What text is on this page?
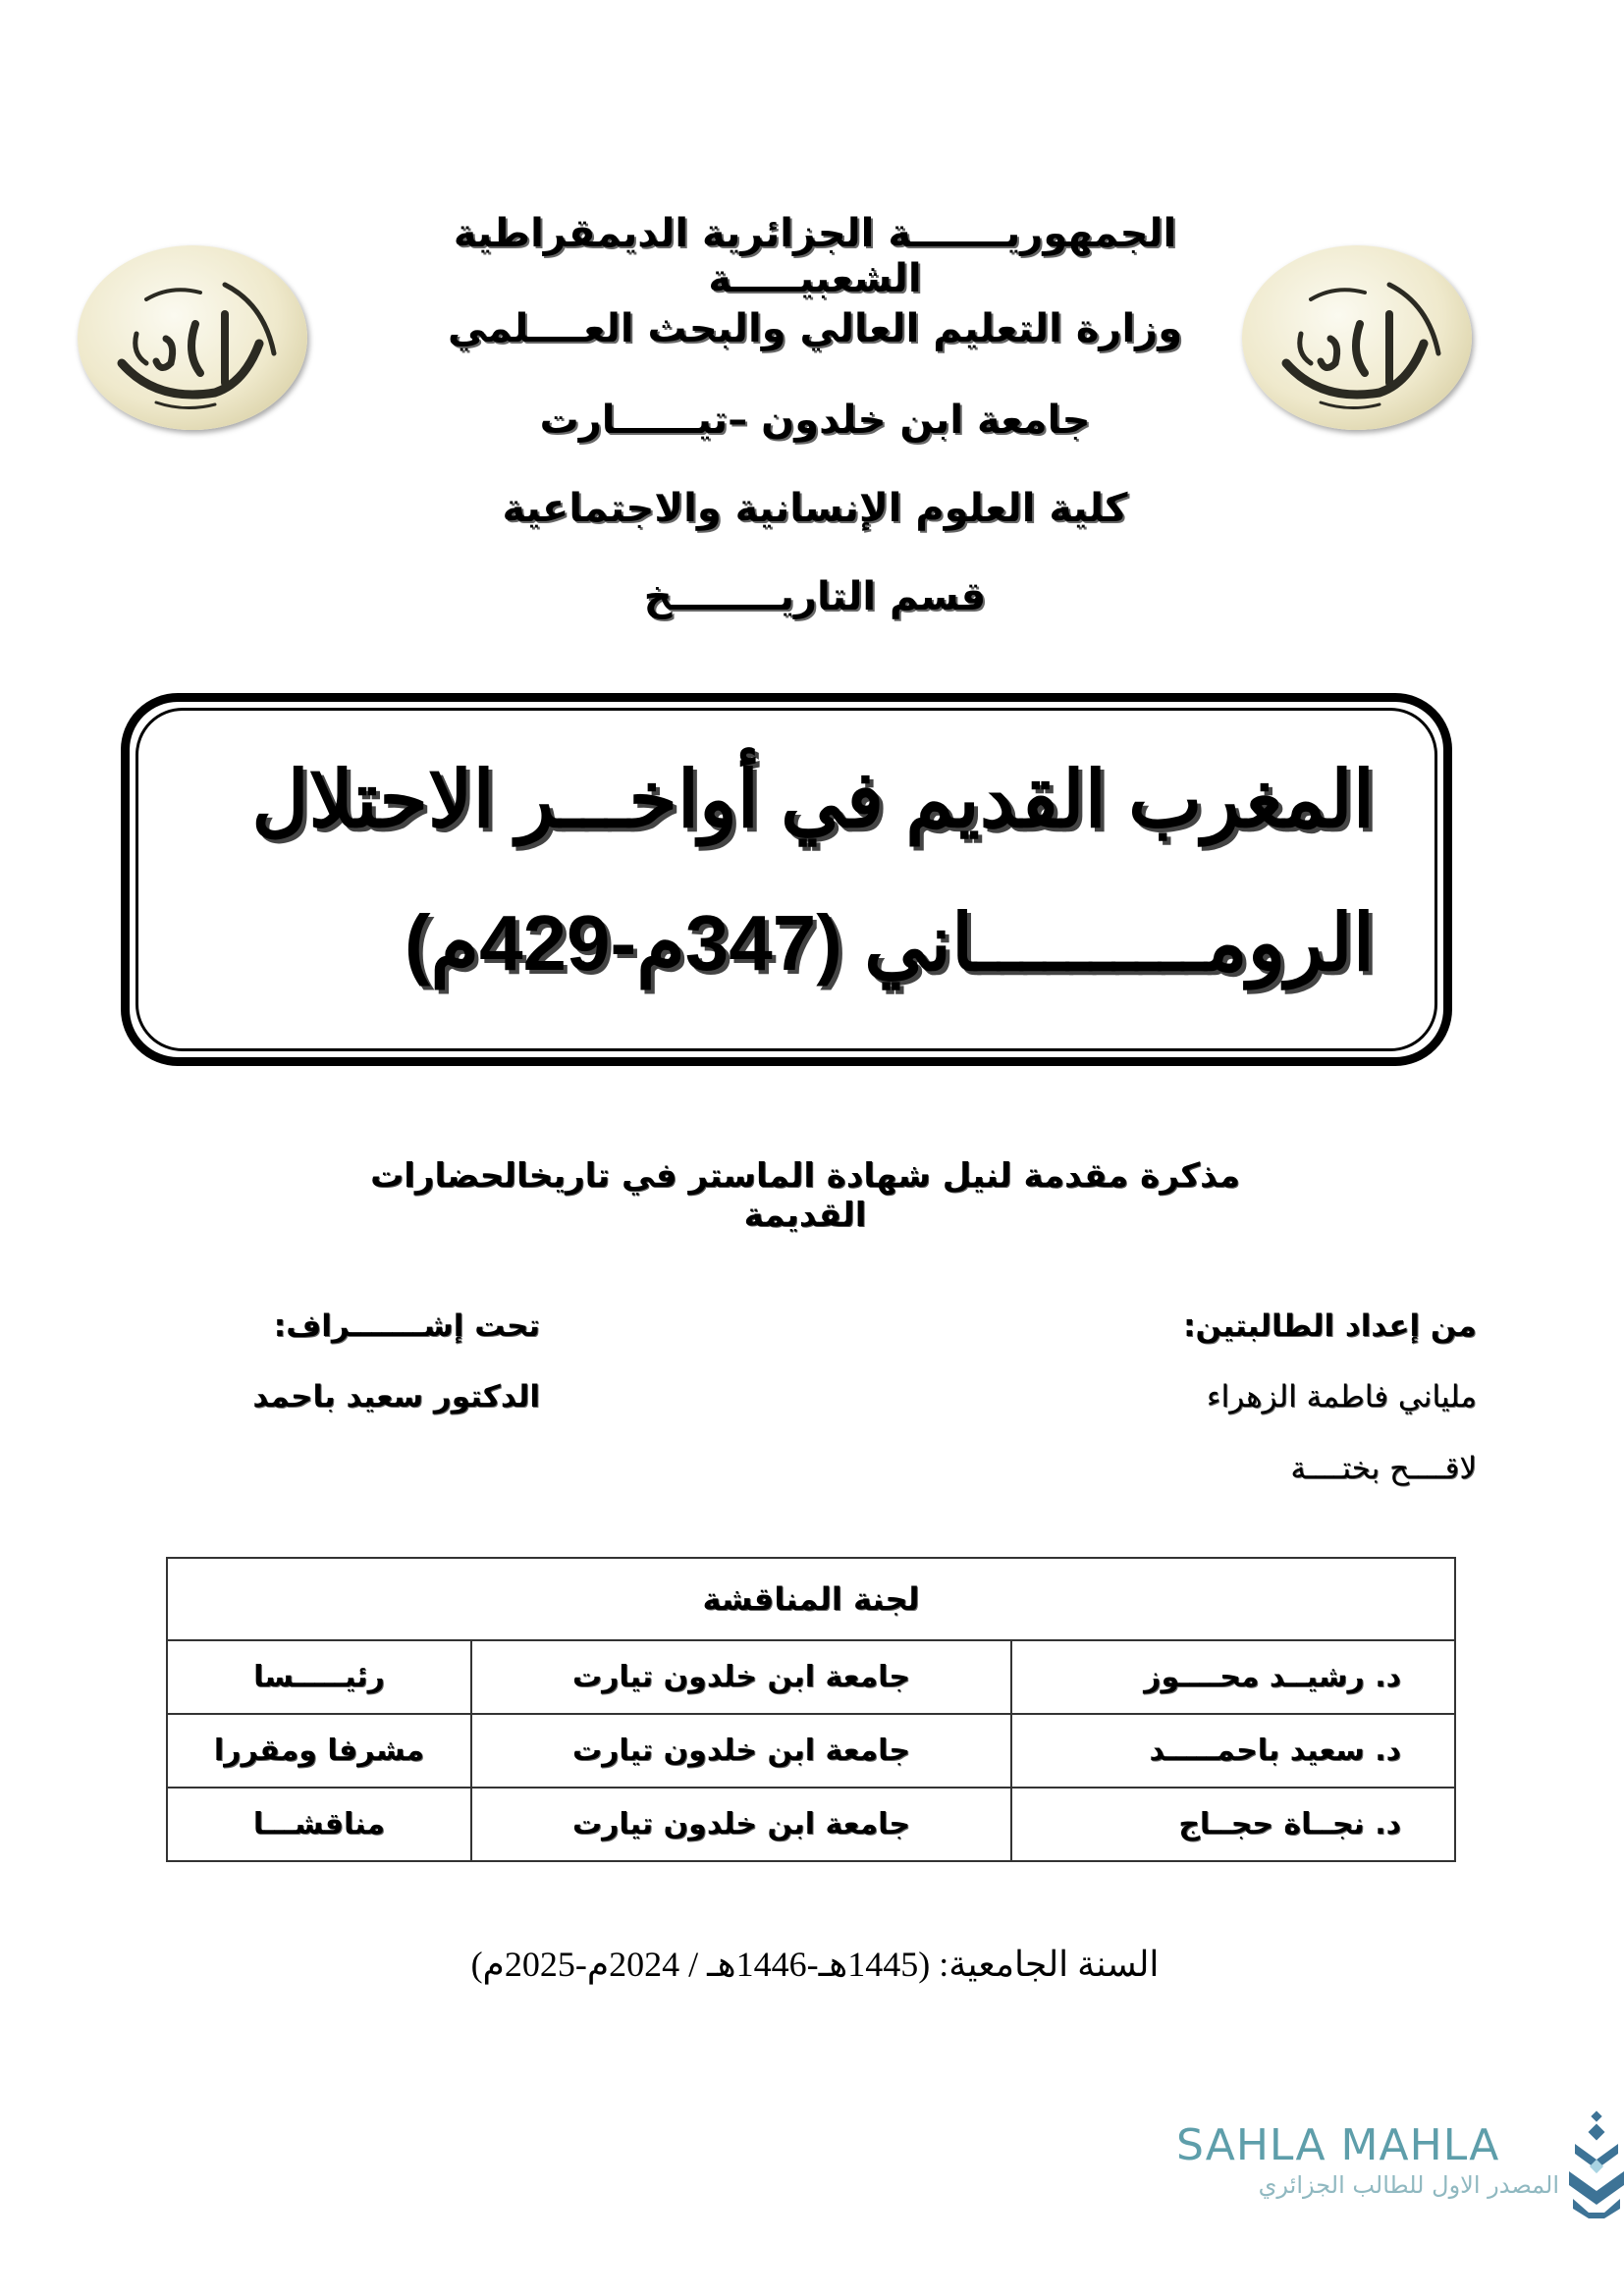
الجمهوريـــــــة الجزائرية الديمقراطية الشعبيـــــة
وزارة التعليم العالي والبحث العــــلمي
جامعة ابن خلدون –تيــــــارت
كلية العلوم الإنسانية والاجتماعية
قسم التاريــــــــخ
المغرب القديم في أواخـــر الاحتلال
الرومــــــــــاني (347م-429م)
مذكرة مقدمة لنيل شهادة الماستر في تاريخالحضارات القديمة
من إعداد الطالبتين:
ملياني فاطمة الزهراء
لاقــــح بختــــة
تحت إشـــــــراف:
الدكتور سعيد باحمد
لجنة المناقشة		
د. رشيــد محــــوز	جامعة ابن خلدون تيارت	رئيـــــسا
د. سعيد باحمـــــد	جامعة ابن خلدون تيارت	مشرفا ومقررا
د. نجــاة حجــاج	جامعة ابن خلدون تيارت	مناقشـــا
السنة الجامعية: (1445هـ-1446هـ / 2024م-2025م)
SAHLA MAHLA
المصدر الاول للطالب الجزائري
